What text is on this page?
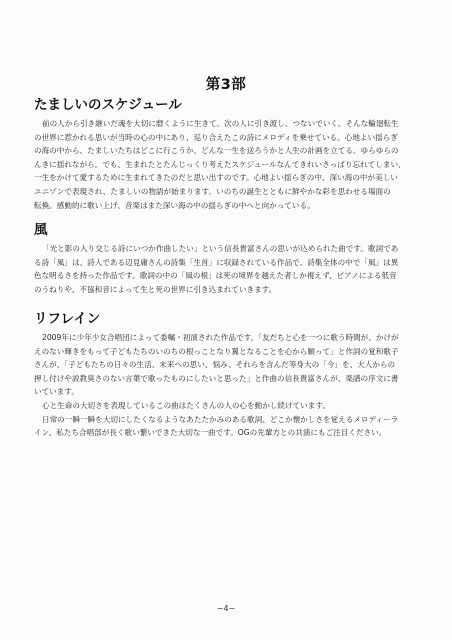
第3部
たましいのスケジュール

前の人から引き継いだ魂を大切に磨くように生きて、次の人に引き渡し、つないでいく。そんな輪廻転生

の世界に惹かれる思いが当時の心の中にあり、巡り合えたこの詩にメロディを乗せている。心地よい揺らぎ

の海の中から、たましいたちはどこに行こうか、どんな一生を送ろうかと人生の計画を立てる。ゆらゆらの

んきに揺れながら。でも、生まれたとたんじっくり考えたスケジュールなんてきれいさっぱり忘れてしまい、

一生をかけて愛するために生まれてきたのだと思い出すのです。心地よい揺らぎの中、深い海の中が美しい

ユニゾンで表現され、たましいの物語が始まります。いのちの誕生とともに鮮やかな彩を思わせる場面の

転換。感動的に歌い上げ、音楽はまた深い海の中の揺らぎの中へと向かっている。

風

「光と影の入り交じる詩にいつか作曲したい」という信長貴富さんの思いが込められた曲です。歌詞であ

る詩「風」は、詩人である辺見庸さんの詩集「生首」に収録されている作品で、詩集全体の中で「風」は異

色な明るさを持った作品です。歌詞の中の「風の根」は死の境界を越えた者しか視えず、ピアノによる低音

のうねりや、不協和音によって生と死の世界に引き込まれていきます。

リフレイン

2009年に少年少女合唱団によって委嘱・初演された作品です。「友だちと心を一つに歌う時間が、かけが

えのない輝きをもって子どもたちのいのちの根っことなり翼となることを心から願って」と作詞の覚和歌子

さんが、「子どもたちの日々の生活、未来への思い、悩み、それらを含んだ等身大の「今」を、大人からの

押し付けや説教臭さのない言葉で歌ったものにしたいと思った」と作曲の信長貴富さんが、楽譜の序文に書

いています。

心と生命の大切さを表現しているこの曲はたくさんの人の心を動かし続けています。

日常の一瞬一瞬を大切にしたくなるようなあたたかみのある歌詞、どこか懐かしさを覚えるメロディーラ

イン、私たち合唱部が長く歌い繋いできた大切な一曲です。OGの先輩方との共演にもご注目ください。

−4−
